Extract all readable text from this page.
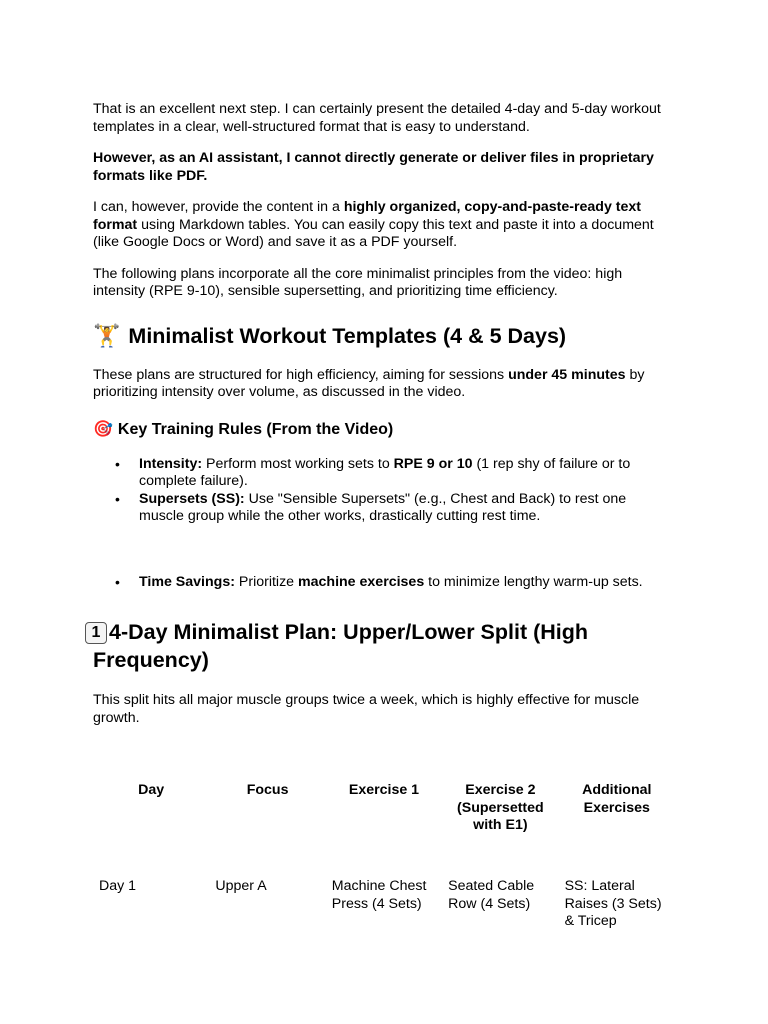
That is an excellent next step. I can certainly present the detailed 4-day and 5-day workout templates in a clear, well-structured format that is easy to understand.

However, as an AI assistant, I cannot directly generate or deliver files in proprietary formats like PDF.

I can, however, provide the content in a highly organized, copy-and-paste-ready text format using Markdown tables. You can easily copy this text and paste it into a document (like Google Docs or Word) and save it as a PDF yourself.

The following plans incorporate all the core minimalist principles from the video: high intensity (RPE 9-10), sensible supersetting, and prioritizing time efficiency.

🏋️ Minimalist Workout Templates (4 & 5 Days)

These plans are structured for high efficiency, aiming for sessions under 45 minutes by prioritizing intensity over volume, as discussed in the video.

🎯 Key Training Rules (From the Video)
• Intensity: Perform most working sets to RPE 9 or 10 (1 rep shy of failure or to complete failure).
• Supersets (SS): Use "Sensible Supersets" (e.g., Chest and Back) to rest one muscle group while the other works, drastically cutting rest time.
• Time Savings: Prioritize machine exercises to minimize lengthy warm-up sets.
1 4-Day Minimalist Plan: Upper/Lower Split (High Frequency)

This split hits all major muscle groups twice a week, which is highly effective for muscle growth.

Day	Focus	Exercise 1	Exercise 2 (Supersetted with E1)	Additional Exercises
Day 1	Upper A	Machine Chest Press (4 Sets)	Seated Cable Row (4 Sets)	SS: Lateral Raises (3 Sets) & Tricep
